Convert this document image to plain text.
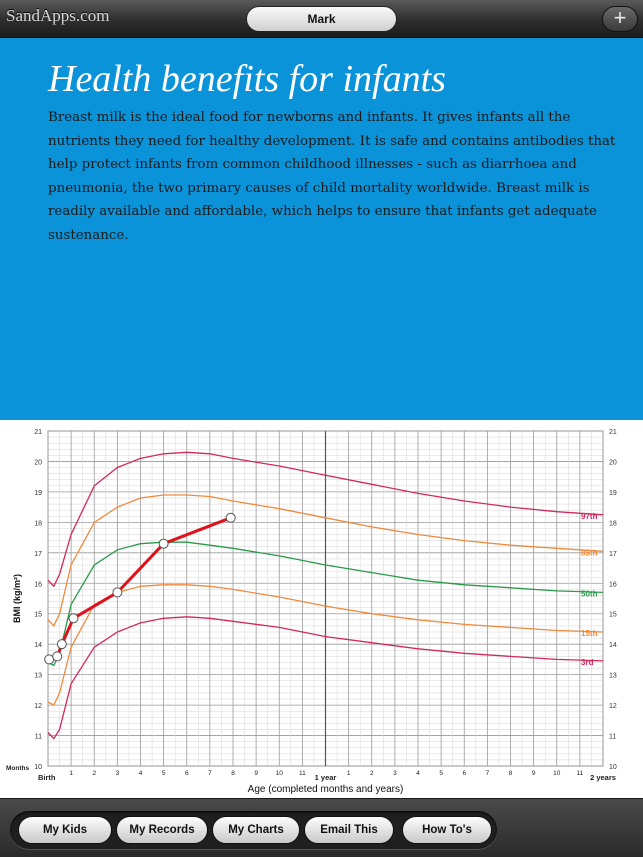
SandApps.com	Mark	+
Health benefits for infants
Breast milk is the ideal food for newborns and infants. It gives infants all the nutrients they need for healthy development. It is safe and contains antibodies that help protect infants from common childhood illnesses - such as diarrhoea and pneumonia, the two primary causes of child mortality worldwide. Breast milk is readily available and affordable, which helps to ensure that infants get adequate sustenance.
10	10
11	11
12	12
13	13
14	14
15	15
16	16
17	17
18	18
19	19
20	20
21	21
Birth 1	2	3	4	5	6	7	8	9	10 11 1 year 1	2	3	4	5	6	7	8	9	10 11 2 years
Months
Age (completed months and years)
BMI (kg/m²)
97th
85th
50th
15th
3rd
My Kids	My Records	My Charts	Email This	How To's
